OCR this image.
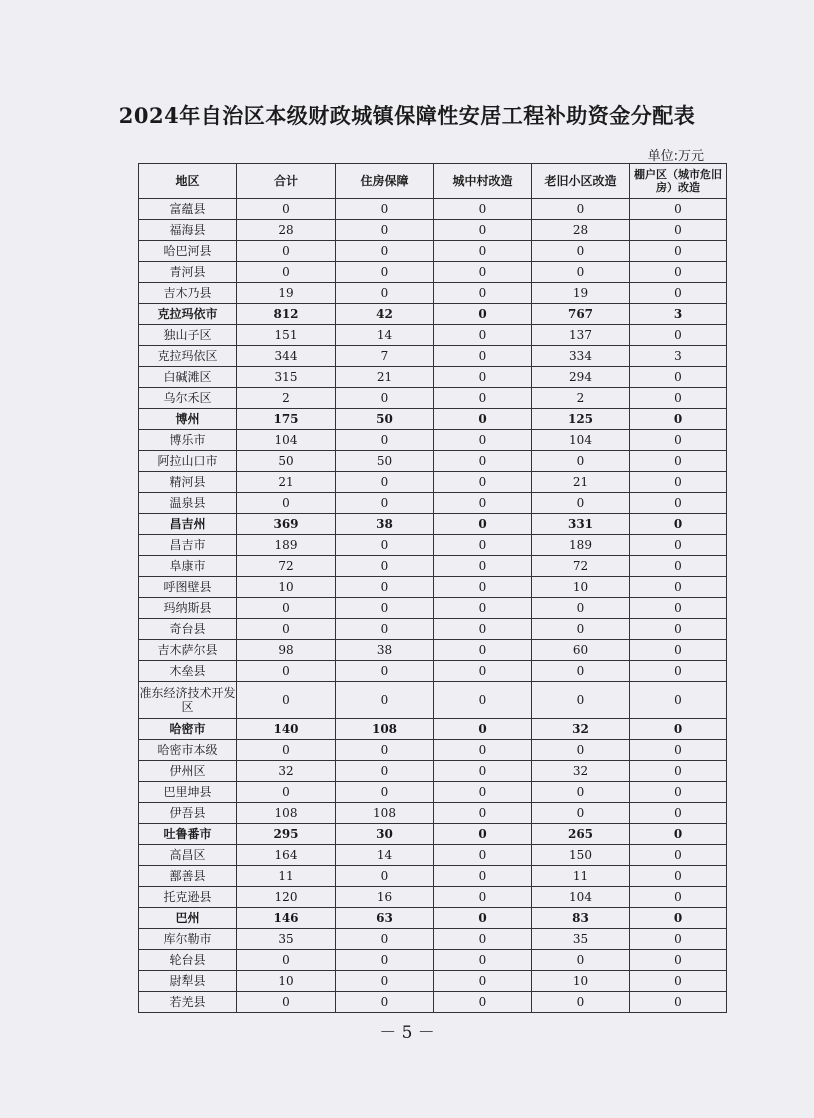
2024年自治区本级财政城镇保障性安居工程补助资金分配表
单位:万元
地区	合计	住房保障	城中村改造	老旧小区改造	棚户区（城市危旧房）改造
富蕴县	0	0	0	0	0
福海县	28	0	0	28	0
哈巴河县	0	0	0	0	0
青河县	0	0	0	0	0
吉木乃县	19	0	0	19	0
克拉玛依市	812	42	0	767	3
独山子区	151	14	0	137	0
克拉玛依区	344	7	0	334	3
白碱滩区	315	21	0	294	0
乌尔禾区	2	0	0	2	0
博州	175	50	0	125	0
博乐市	104	0	0	104	0
阿拉山口市	50	50	0	0	0
精河县	21	0	0	21	0
温泉县	0	0	0	0	0
昌吉州	369	38	0	331	0
昌吉市	189	0	0	189	0
阜康市	72	0	0	72	0
呼图壁县	10	0	0	10	0
玛纳斯县	0	0	0	0	0
奇台县	0	0	0	0	0
吉木萨尔县	98	38	0	60	0
木垒县	0	0	0	0	0
准东经济技术开发区	0	0	0	0	0
哈密市	140	108	0	32	0
哈密市本级	0	0	0	0	0
伊州区	32	0	0	32	0
巴里坤县	0	0	0	0	0
伊吾县	108	108	0	0	0
吐鲁番市	295	30	0	265	0
高昌区	164	14	0	150	0
鄯善县	11	0	0	11	0
托克逊县	120	16	0	104	0
巴州	146	63	0	83	0
库尔勒市	35	0	0	35	0
轮台县	0	0	0	0	0
尉犁县	10	0	0	10	0
若羌县	0	0	0	0	0
－ 5 －
